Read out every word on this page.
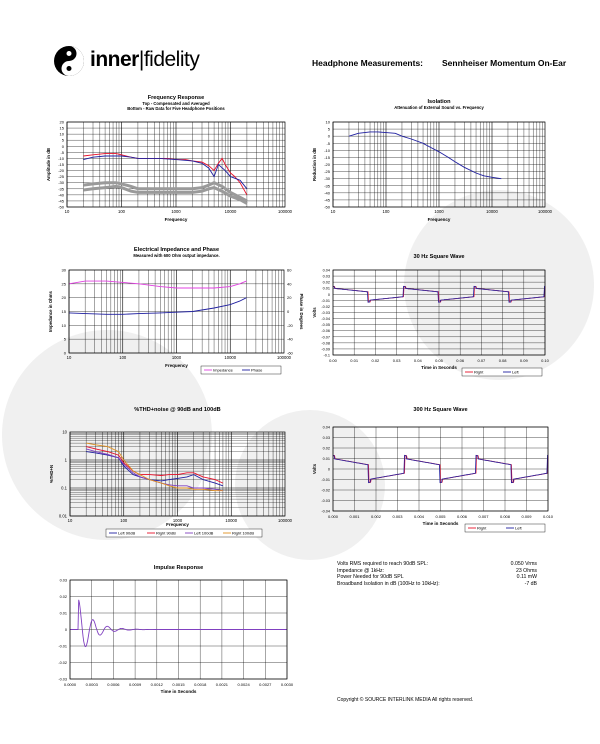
inner|fidelity	Headphone Measurements: Sennheiser Momentum On-Ear
Frequency Response
Top - Compensated and Averaged
Bottom - Raw Data for Five Headphone Positions
Frequency
Amplitude in dB
10	100	1000	10000	100000
20
15
10
5
0
-5
-10
-15
-20
-25
-30
-35
-40
-45
-50
Isolation
Attenuation of External Sound vs. Frequency
Frequency
Reduction in dB
10	100	1000	10000	100000
10
5
0
-5
-10
-15
-20
-25
-30
-35
-40
-45
-50
Electrical Impedance and Phase
Measured with 600 Ohm output impedance.
Frequency
Impedance in Ohms
10	100	1000	10000	100000
30
25
20
15
10
5
0
60
40
20
0
-20
-40
-60
Phase in Degrees
Impedance	Phase
30 Hz Square Wave
Time in Seconds
Volts
0.00	0.01	0.02	0.03	0.04	0.05	0.06	0.07	0.08	0.09	0.10
0.04
0.03
0.02
0.01
0
-0.01
-0.02
-0.03
-0.04
-0.05
-0.06
-0.07
-0.08
-0.09
-0.1
Right	Left
%THD+noise @ 90dB and 100dB
Frequency
%THD+N
10	100	1000	10000	100000
10
1
0.1
0.01
Left 90dB	Right 90dB	Left 100dB	Right 100dB
300 Hz Square Wave
Time in Seconds
Volts
0.000	0.001	0.002	0.003	0.004	0.005	0.006	0.007	0.008	0.009	0.010
0.04
0.03
0.02
0.01
0
-0.01
-0.02
-0.03
-0.04
Right	Left
Impulse Response
Time in Seconds
0.0000 0.0003 0.0006 0.0009 0.0012 0.0015 0.0018 0.0021 0.0024 0.0027 0.0030
0.03
0.02
0.01
0
-0.01
-0.02
-0.03
Volts RMS required to reach 90dB SPL:	0.050 Vrms
Impedance @ 1kHz:	23 Ohms
Power Needed for 90dB SPL	0.11 mW
Broadband Isolation in dB (100Hz to 10kHz):	-7 dB
Copyright © SOURCE INTERLINK MEDIA All rights reserved.
